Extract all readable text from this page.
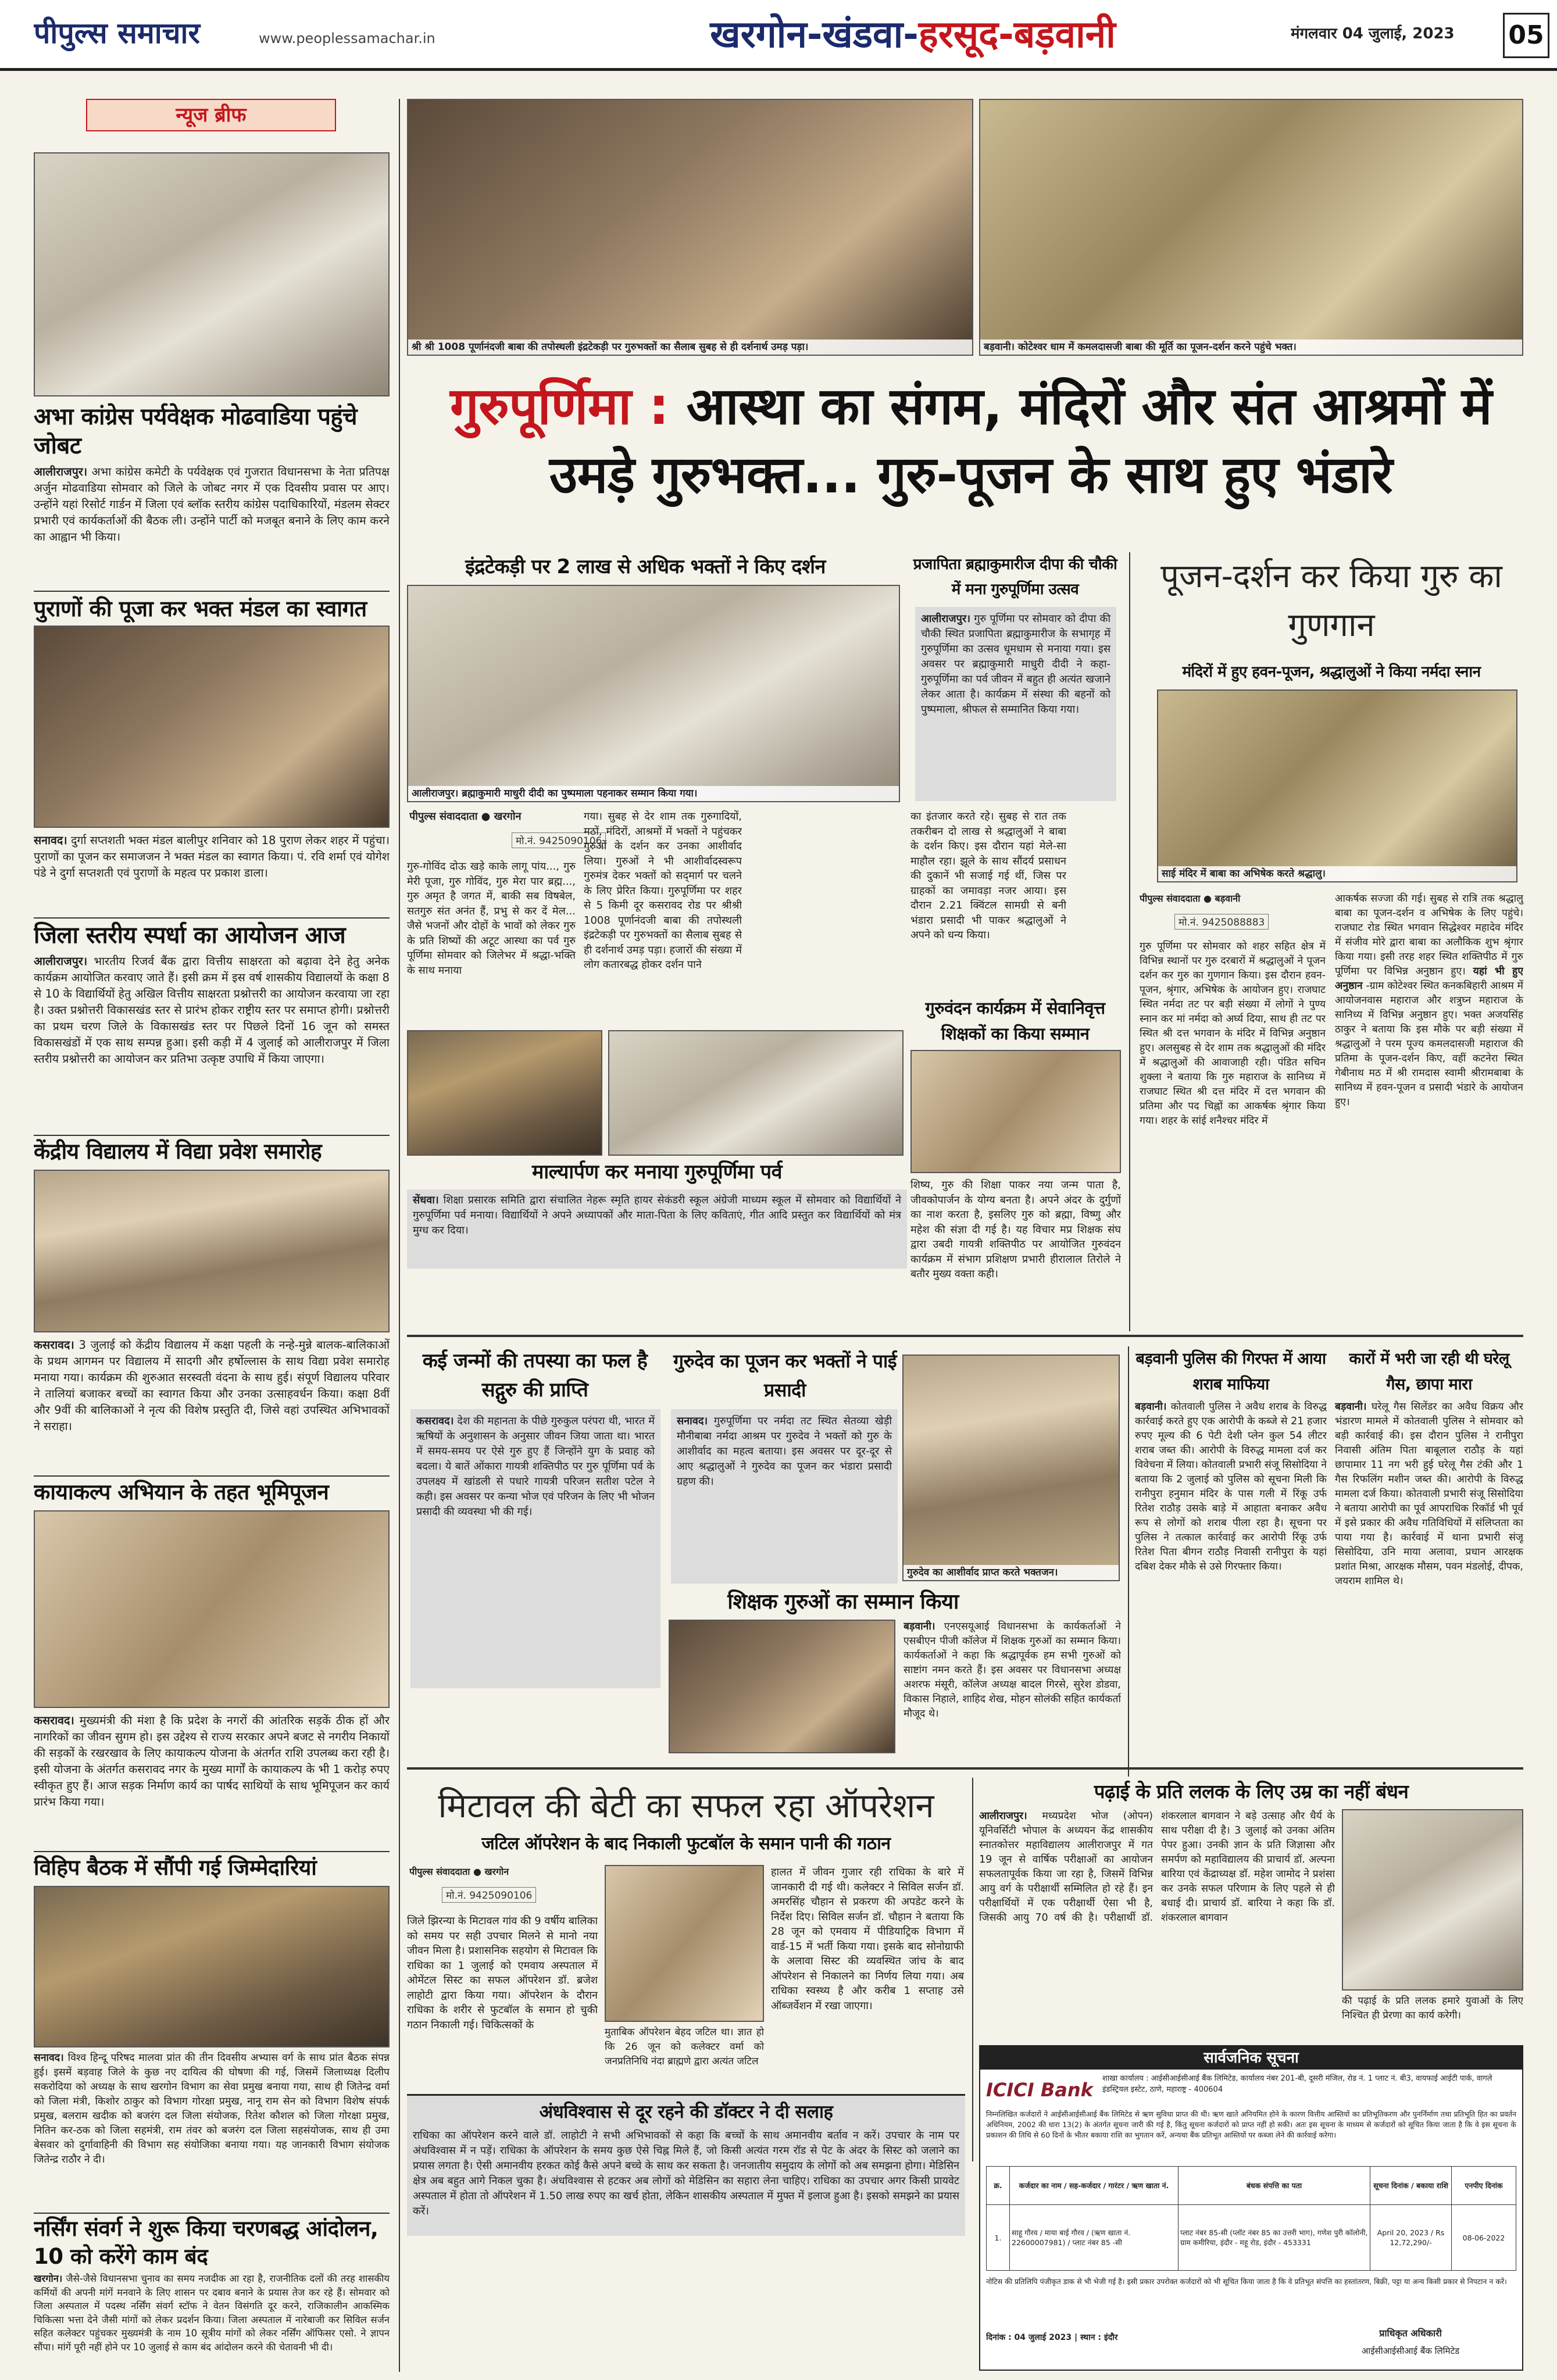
पीपुल्स समाचार	www.peoplessamachar.in	खरगोन-खंडवा-हरसूद-बड़वानी	मंगलवार 04 जुलाई, 2023	05
न्यूज ब्रीफ
अभा कांग्रेस पर्यवेक्षक मोढवाडिया पहुंचे जोबट
आलीराजपुर। अभा कांग्रेस कमेटी के पर्यवेक्षक एवं गुजरात विधानसभा के नेता प्रतिपक्ष अर्जुन मोढवाडिया सोमवार को जिले के जोबट नगर में एक दिवसीय प्रवास पर आए। उन्होंने यहां रिसोर्ट गार्डन में जिला एवं ब्लॉक स्तरीय कांग्रेस पदाधिकारियों, मंडलम सेक्टर प्रभारी एवं कार्यकर्ताओं की बैठक ली। उन्होंने पार्टी को मजबूत बनाने के लिए काम करने का आह्वान भी किया।
पुराणों की पूजा कर भक्त मंडल का स्वागत
सनावद। दुर्गा सप्तशती भक्त मंडल बालीपुर शनिवार को 18 पुराण लेकर शहर में पहुंचा। पुराणों का पूजन कर समाजजन ने भक्त मंडल का स्वागत किया। पं. रवि शर्मा एवं योगेश पंडे ने दुर्गा सप्तशती एवं पुराणों के महत्व पर प्रकाश डाला।
जिला स्तरीय स्पर्धा का आयोजन आज
आलीराजपुर। भारतीय रिजर्व बैंक द्वारा वित्तीय साक्षरता को बढ़ावा देने हेतु अनेक कार्यक्रम आयोजित करवाए जाते हैं। इसी क्रम में इस वर्ष शासकीय विद्यालयों के कक्षा 8 से 10 के विद्यार्थियों हेतु अखिल वित्तीय साक्षरता प्रश्नोत्तरी का आयोजन करवाया जा रहा है। उक्त प्रश्नोत्तरी विकासखंड स्तर से प्रारंभ होकर राष्ट्रीय स्तर पर समाप्त होगी। प्रश्नोत्तरी का प्रथम चरण जिले के विकासखंड स्तर पर पिछले दिनों 16 जून को समस्त विकासखंडों में एक साथ सम्पन्न हुआ। इसी कड़ी में 4 जुलाई को आलीराजपुर में जिला स्तरीय प्रश्नोत्तरी का आयोजन कर प्रतिभा उत्कृष्ट उपाधि में किया जाएगा।
केंद्रीय विद्यालय में विद्या प्रवेश समारोह
कसरावद। 3 जुलाई को केंद्रीय विद्यालय में कक्षा पहली के नन्हे-मुन्ने बालक-बालिकाओं के प्रथम आगमन पर विद्यालय में सादगी और हर्षोल्लास के साथ विद्या प्रवेश समारोह मनाया गया। कार्यक्रम की शुरुआत सरस्वती वंदना के साथ हुई। संपूर्ण विद्यालय परिवार ने तालियां बजाकर बच्चों का स्वागत किया और उनका उत्साहवर्धन किया। कक्षा 8वीं और 9वीं की बालिकाओं ने नृत्य की विशेष प्रस्तुति दी, जिसे वहां उपस्थित अभिभावकों ने सराहा।
कायाकल्प अभियान के तहत भूमिपूजन
कसरावद। मुख्यमंत्री की मंशा है कि प्रदेश के नगरों की आंतरिक सड़कें ठीक हों और नागरिकों का जीवन सुगम हो। इस उद्देश्य से राज्य सरकार अपने बजट से नगरीय निकायों की सड़कों के रखरखाव के लिए कायाकल्प योजना के अंतर्गत राशि उपलब्ध करा रही है। इसी योजना के अंतर्गत कसरावद नगर के मुख्य मार्गों के कायाकल्प के भी 1 करोड़ रुपए स्वीकृत हुए हैं। आज सड़क निर्माण कार्य का पार्षद साथियों के साथ भूमिपूजन कर कार्य प्रारंभ किया गया।
विहिप बैठक में सौंपी गई जिम्मेदारियां
सनावद। विश्व हिन्दू परिषद मालवा प्रांत की तीन दिवसीय अभ्यास वर्ग के साथ प्रांत बैठक संपन्न हुई। इसमें बड़वाह जिले के कुछ नए दायित्व की घोषणा की गई, जिसमें जिलाध्यक्ष दिलीप सकरोदिया को अध्यक्ष के साथ खरगोन विभाग का सेवा प्रमुख बनाया गया, साथ ही जितेन्द्र वर्मा को जिला मंत्री, किशोर ठाकुर को विभाग गोरक्षा प्रमुख, नानू राम सेन को विभाग विशेष संपर्क प्रमुख, बलराम खदीक को बजरंग दल जिला संयोजक, रितेश कौशल को जिला गोरक्षा प्रमुख, नितिन कर-ठक को जिला सहमंत्री, राम तंवर को बजरंग दल जिला सहसंयोजक, साथ ही उमा बेसवार को दुर्गावाहिनी की विभाग सह संयोजिका बनाया गया। यह जानकारी विभाग संयोजक जितेन्द्र राठौर ने दी।
नर्सिंग संवर्ग ने शुरू किया चरणबद्ध आंदोलन, 10 को करेंगे काम बंद
खरगोन। जैसे-जैसे विधानसभा चुनाव का समय नजदीक आ रहा है, राजनीतिक दलों की तरह शासकीय कर्मियों की अपनी मांगें मनवाने के लिए शासन पर दबाव बनाने के प्रयास तेज कर रहे हैं। सोमवार को जिला अस्पताल में पदस्थ नर्सिंग संवर्ग स्टॉफ ने वेतन विसंगति दूर करने, राजिकालीन आकस्मिक चिकित्सा भत्ता देने जैसी मांगों को लेकर प्रदर्शन किया। जिला अस्पताल में नारेबाजी कर सिविल सर्जन सहित कलेक्टर पहुंचकर मुख्यमंत्री के नाम 10 सूत्रीय मांगों को लेकर नर्सिंग ऑफिसर एसो. ने ज्ञापन सौंपा। मांगें पूरी नहीं होने पर 10 जुलाई से काम बंद आंदोलन करने की चेतावनी भी दी।
श्री श्री 1008 पूर्णानंदजी बाबा की तपोस्थली इंद्रटेकड़ी पर गुरुभक्तों का सैलाब सुबह से ही दर्शनार्थ उमड़ पड़ा।	बड़वानी। कोटेश्वर धाम में कमलदासजी बाबा की मूर्ति का पूजन-दर्शन करने पहुंचे भक्त।
गुरुपूर्णिमा : आस्था का संगम, मंदिरों और संत आश्रमों में उमड़े गुरुभक्त... गुरु-पूजन के साथ हुए भंडारे
इंद्रटेकड़ी पर 2 लाख से अधिक भक्तों ने किए दर्शन
आलीराजपुर। ब्रह्माकुमारी माधुरी दीदी का पुष्पमाला पहनाकर सम्मान किया गया।
पीपुल्स संवाददाता ● खरगोन
मो.नं. 9425090106
गुरु-गोविंद दोऊ खड़े काके लागू पांय..., गुरु मेरी पूजा, गुरु गोविंद, गुरु मेरा पार ब्रह्म..., गुरु अमृत है जगत में, बाकी सब विषबेल, सतगुरु संत अनंत हैं, प्रभु से कर दें मेल... जैसे भजनों और दोहों के भावों को लेकर गुरु के प्रति शिष्यों की अटूट आस्था का पर्व गुरु पूर्णिमा सोमवार को जिलेभर में श्रद्धा-भक्ति के साथ मनाया
गया। सुबह से देर शाम तक गुरुगादियों, मठों, मंदिरों, आश्रमों में भक्तों ने पहुंचकर गुरुओं के दर्शन कर उनका आशीर्वाद लिया। गुरुओं ने भी आशीर्वादस्वरूप गुरुमंत्र देकर भक्तों को सद्‌मार्ग पर चलने के लिए प्रेरित किया। गुरुपूर्णिमा पर शहर से 5 किमी दूर कसरावद रोड पर श्रीश्री 1008 पूर्णानंदजी बाबा की तपोस्थली इंद्रटेकड़ी पर गुरुभक्तों का सैलाब सुबह से ही दर्शनार्थ उमड़ पड़ा। हजारों की संख्या में लोग कतारबद्ध होकर दर्शन पाने
का इंतजार करते रहे। सुबह से रात तक तकरीबन दो लाख से श्रद्धालुओं ने बाबा के दर्शन किए। इस दौरान यहां मेले-सा माहौल रहा। झूले के साथ सौंदर्य प्रसाधन की दुकानें भी सजाई गई थीं, जिस पर ग्राहकों का जमावड़ा नजर आया। इस दौरान 2.21 क्विंटल सामग्री से बनी भंडारा प्रसादी भी पाकर श्रद्धालुओं ने अपने को धन्य किया।
प्रजापिता ब्रह्माकुमारीज दीपा की चौकी में मना गुरुपूर्णिमा उत्सव
आलीराजपुर। गुरु पूर्णिमा पर सोमवार को दीपा की चौकी स्थित प्रजापिता ब्रह्माकुमारीज के सभागृह में गुरुपूर्णिमा का उत्सव धूमधाम से मनाया गया। इस अवसर पर ब्रह्माकुमारी माधुरी दीदी ने कहा- गुरुपूर्णिमा का पर्व जीवन में बहुत ही अत्यंत खजाने लेकर आता है। कार्यक्रम में संस्था की बहनों को पुष्पमाला, श्रीफल से सम्मानित किया गया।
गुरुवंदन कार्यक्रम में सेवानिवृत्त शिक्षकों का किया सम्मान
शिष्य, गुरु की शिक्षा पाकर नया जन्म पाता है, जीवकोपार्जन के योग्य बनता है। अपने अंदर के दुर्गुणों का नाश करता है, इसलिए गुरु को ब्रह्मा, विष्णु और महेश की संज्ञा दी गई है। यह विचार मप्र शिक्षक संघ द्वारा उबदी गायत्री शक्तिपीठ पर आयोजित गुरुवंदन कार्यक्रम में संभाग प्रशिक्षण प्रभारी हीरालाल तिरोले ने बतौर मुख्य वक्ता कही।
पूजन-दर्शन कर किया गुरु का गुणगान
मंदिरों में हुए हवन-पूजन, श्रद्धालुओं ने किया नर्मदा स्नान
साई मंदिर में बाबा का अभिषेक करते श्रद्धालु।
पीपुल्स संवाददाता ● बड़वानी
मो.नं. 9425088883
गुरु पूर्णिमा पर सोमवार को शहर सहित क्षेत्र में विभिन्न स्थानों पर गुरु दरबारों में श्रद्धालुओं ने पूजन दर्शन कर गुरु का गुणगान किया। इस दौरान हवन-पूजन, श्रृंगार, अभिषेक के आयोजन हुए। राजघाट स्थित नर्मदा तट पर बड़ी संख्या में लोगों ने पुण्य स्नान कर मां नर्मदा को अर्घ्य दिया, साथ ही तट पर स्थित श्री दत्त भगवान के मंदिर में विभिन्न अनुष्ठान हुए। अलसुबह से देर शाम तक श्रद्धालुओं की मंदिर में श्रद्धालुओं की आवाजाही रही। पंडित सचिन शुक्ला ने बताया कि गुरु महाराज के सानिध्य में राजघाट स्थित श्री दत्त मंदिर में दत्त भगवान की प्रतिमा और पद चिह्नों का आकर्षक श्रृंगार किया गया। शहर के सांई शनैश्चर मंदिर में
आकर्षक सज्जा की गई। सुबह से रात्रि तक श्रद्धालु बाबा का पूजन-दर्शन व अभिषेक के लिए पहुंचे। राजघाट रोड स्थित भगवान सिद्धेश्वर महादेव मंदिर में संजीव मोरे द्वारा बाबा का अलौकिक शुभ श्रृंगार किया गया। इसी तरह शहर स्थित शक्तिपीठ में गुरु पूर्णिमा पर विभिन्न अनुष्ठान हुए। यहां भी हुए अनुष्ठान -ग्राम कोटेश्वर स्थित कनकबिहारी आश्रम में आयोजनवास महाराज और शत्रुघ्न महाराज के सानिध्य में विभिन्न अनुष्ठान हुए। भक्त अजयसिंह ठाकुर ने बताया कि इस मौके पर बड़ी संख्या में श्रद्धालुओं ने परम पूज्य कमलदासजी महाराज की प्रतिमा के पूजन-दर्शन किए, वहीं कटनेरा स्थित गेबीनाथ मठ में श्री रामदास स्वामी श्रीरामबाबा के सानिध्य में हवन-पूजन व प्रसादी भंडारे के आयोजन हुए।
माल्यार्पण कर मनाया गुरुपूर्णिमा पर्व
सेंधवा। शिक्षा प्रसारक समिति द्वारा संचालित नेहरू स्मृति हायर सेकंडरी स्कूल अंग्रेजी माध्यम स्कूल में सोमवार को विद्यार्थियों ने गुरुपूर्णिमा पर्व मनाया। विद्यार्थियों ने अपने अध्यापकों और माता-पिता के लिए कविताएं, गीत आदि प्रस्तुत कर विद्यार्थियों को मंत्र मुग्ध कर दिया।
कई जन्मों की तपस्या का फल है सद्गुरु की प्राप्ति
कसरावद। देश की महानता के पीछे गुरुकुल परंपरा थी, भारत में ऋषियों के अनुशासन के अनुसार जीवन जिया जाता था। भारत में समय-समय पर ऐसे गुरु हुए हैं जिन्होंने युग के प्रवाह को बदला। ये बातें ओंकारा गायत्री शक्तिपीठ पर गुरु पूर्णिमा पर्व के उपलक्ष्य में खांडली से पधारे गायत्री परिजन सतीश पटेल ने कही। इस अवसर पर कन्या भोज एवं परिजन के लिए भी भोजन प्रसादी की व्यवस्था भी की गई।
गुरुदेव का पूजन कर भक्तों ने पाई प्रसादी
सनावद। गुरुपूर्णिमा पर नर्मदा तट स्थित सेतव्या खेड़ी मौनीबाबा नर्मदा आश्रम पर गुरुदेव ने भक्तों को गुरु के आशीर्वाद का महत्व बताया। इस अवसर पर दूर-दूर से आए श्रद्धालुओं ने गुरुदेव का पूजन कर भंडारा प्रसादी ग्रहण की।
गुरुदेव का आशीर्वाद प्राप्त करते भक्तजन।
शिक्षक गुरुओं का सम्मान किया
बड़वानी। एनएसयूआई विधानसभा के कार्यकर्ताओं ने एसबीएन पीजी कॉलेज में शिक्षक गुरुओं का सम्मान किया। कार्यकर्ताओं ने कहा कि श्रद्धापूर्वक हम सभी गुरुओं को साष्टांग नमन करते हैं। इस अवसर पर विधानसभा अध्यक्ष अशरफ मंसूरी, कॉलेज अध्यक्ष बादल गिरसे, सुरेश डोडवा, विकास निहाले, शाहिद शेख, मोहन सोलंकी सहित कार्यकर्ता मौजूद थे।
बड़वानी पुलिस की गिरफ्त में आया शराब माफिया
बड़वानी। कोतवाली पुलिस ने अवैध शराब के विरुद्ध कार्रवाई करते हुए एक आरोपी के कब्जे से 21 हजार रुपए मूल्य की 6 पेटी देशी प्लेन कुल 54 लीटर शराब जब्त की। आरोपी के विरुद्ध मामला दर्ज कर विवेचना में लिया। कोतवाली प्रभारी संजू सिसोदिया ने बताया कि 2 जुलाई को पुलिस को सूचना मिली कि रानीपुरा हनुमान मंदिर के पास गली में रिंकू उर्फ रितेश राठौड़ उसके बाड़े में आहाता बनाकर अवैध रूप से लोगों को शराब पीला रहा है। सूचना पर पुलिस ने तत्काल कार्रवाई कर आरोपी रिंकू उर्फ रितेश पिता बीगन राठौड़ निवासी रानीपुरा के यहां दबिश देकर मौके से उसे गिरफ्तार किया।
कारों में भरी जा रही थी घरेलू गैस, छापा मारा
बड़वानी। घरेलू गैस सिलेंडर का अवैध विक्रय और भंडारण मामले में कोतवाली पुलिस ने सोमवार को बड़ी कार्रवाई की। इस दौरान पुलिस ने रानीपुरा निवासी अंतिम पिता बाबूलाल राठौड़ के यहां छापामार 11 नग भरी हुई घरेलू गैस टंकी और 1 गैस रिफलिंग मशीन जब्त की। आरोपी के विरुद्ध मामला दर्ज किया। कोतवाली प्रभारी संजू सिसोदिया ने बताया आरोपी का पूर्व आपराधिक रिकॉर्ड भी पूर्व में इसे प्रकार की अवैध गतिविधियों में संलिप्तता का पाया गया है। कार्रवाई में थाना प्रभारी संजू सिसोदिया, उनि माया अलावा, प्रधान आरक्षक प्रशांत मिश्रा, आरक्षक मौसम, पवन मंडलोई, दीपक, जयराम शामिल थे।
मिटावल की बेटी का सफल रहा ऑपरेशन
जटिल ऑपरेशन के बाद निकाली फुटबॉल के समान पानी की गठान
पीपुल्स संवाददाता ● खरगोन
मो.नं. 9425090106
जिले झिरन्या के मिटावल गांव की 9 वर्षीय बालिका को समय पर सही उपचार मिलने से मानो नया जीवन मिला है। प्रशासनिक सहयोग से मिटावल कि राधिका का 1 जुलाई को एमवाय अस्पताल में ओमेंटल सिस्ट का सफल ऑपरेशन डॉ. ब्रजेश लाहोटी द्वारा किया गया। ऑपरेशन के दौरान राधिका के शरीर से फुटबॉल के समान हो चुकी गठान निकाली गई। चिकित्सकों के
मुताबिक ऑपरेशन बेहद जटिल था। ज्ञात हो कि 26 जून को कलेक्टर वर्मा को जनप्रतिनिधि नंदा ब्राह्मणे द्वारा अत्यंत जटिल
हालत में जीवन गुजार रही राधिका के बारे में जानकारी दी गई थी। कलेक्टर ने सिविल सर्जन डॉ. अमरसिंह चौहान से प्रकरण की अपडेट करने के निर्देश दिए। सिविल सर्जन डॉ. चौहान ने बताया कि 28 जून को एमवाय में पीडियाट्रिक विभाग में वार्ड-15 में भर्ती किया गया। इसके बाद सोनोग्राफी के अलावा सिस्ट की व्यवस्थित जांच के बाद ऑपरेशन से निकालने का निर्णय लिया गया। अब राधिका स्वस्थ्य है और करीब 1 सप्ताह उसे ऑब्जर्वेशन में रखा जाएगा।
अंधविश्वास से दूर रहने की डॉक्टर ने दी सलाह
राधिका का ऑपरेशन करने वाले डॉ. लाहोटी ने सभी अभिभावकों से कहा कि बच्चों के साथ अमानवीय बर्ताव न करें। उपचार के नाम पर अंधविश्वास में न पड़ें। राधिका के ऑपरेशन के समय कुछ ऐसे चिह्न मिले हैं, जो किसी अत्यंत गरम रॉड से पेट के अंदर के सिस्ट को जलाने का प्रयास लगता है। ऐसी अमानवीय हरकत कोई कैसे अपने बच्चे के साथ कर सकता है। जनजातीय समुदाय के लोगों को अब समझना होगा। मेडिसिन क्षेत्र अब बहुत आगे निकल चुका है। अंधविश्वास से हटकर अब लोगों को मेडिसिन का सहारा लेना चाहिए। राधिका का उपचार अगर किसी प्रायवेट अस्पताल में होता तो ऑपरेशन में 1.50 लाख रुपए का खर्च होता, लेकिन शासकीय अस्पताल में मुफ्त में इलाज हुआ है। इसको समझने का प्रयास करें।
पढ़ाई के प्रति ललक के लिए उम्र का नहीं बंधन
आलीराजपुर। मध्यप्रदेश भोज (ओपन) यूनिवर्सिटी भोपाल के अध्ययन केंद्र शासकीय स्नातकोत्तर महाविद्यालय आलीराजपुर में गत 19 जून से वार्षिक परीक्षाओं का आयोजन सफलतापूर्वक किया जा रहा है, जिसमें विभिन्न आयु वर्ग के परीक्षार्थी सम्मिलित हो रहे हैं। इन परीक्षार्थियों में एक परीक्षार्थी ऐसा भी है, जिसकी आयु 70 वर्ष की है। परीक्षार्थी डॉ. शंकरलाल बागवान ने बड़े उत्साह और धैर्य के साथ परीक्षा दी है। 3 जुलाई को उनका अंतिम पेपर हुआ। उनकी ज्ञान के प्रति जिज्ञासा और समर्पण को महाविद्यालय की प्राचार्य डॉ. अल्पना बारिया एवं केंद्राध्यक्ष डॉ. महेश जामोद ने प्रशंसा कर उनके सफल परिणाम के लिए पहले से ही बधाई दी। प्राचार्य डॉ. बारिया ने कहा कि डॉ. शंकरलाल बागवान
की पढ़ाई के प्रति ललक हमारे युवाओं के लिए निश्चित ही प्रेरणा का कार्य करेगी।
सार्वजनिक सूचना
ICICI Bank
शाखा कार्यालय : आईसीआईसीआई बैंक लिमिटेड, कार्यालय नंबर 201-बी, दूसरी मंजिल, रोड नं. 1 प्लाट नं. बी3, वायफाई आईटी पार्क, वागले इंडस्ट्रियल इस्टेट, ठाणे, महाराष्ट्र - 400604
निम्नलिखित कर्जदारों ने आईसीआईसीआई बैंक लिमिटेड से ऋण सुविधा प्राप्त की थी। ऋण खाते अनियमित होने के कारण वित्तीय आस्तियों का प्रतिभूतिकरण और पुनर्निर्माण तथा प्रतिभूति हित का प्रवर्तन अधिनियम, 2002 की धारा 13(2) के अंतर्गत सूचना जारी की गई है, किंतु सूचना कर्जदारों को प्राप्त नहीं हो सकी। अतः इस सूचना के माध्यम से कर्जदारों को सूचित किया जाता है कि वे इस सूचना के प्रकाशन की तिथि से 60 दिनों के भीतर बकाया राशि का भुगतान करें, अन्यथा बैंक प्रतिभूत आस्तियों पर कब्जा लेने की कार्रवाई करेगा।
क्र.	कर्जदार का नाम / सह-कर्जदार / गारंटर / ऋण खाता नं.	बंधक संपत्ति का पता	सूचना दिनांक / बकाया राशि	एनपीए दिनांक
1.	साहू गौरव / माया बाई गौरव / (ऋण खाता नं. 22600007981) / प्लाट नंबर 85 -सी	प्लाट नंबर 85-सी (प्लॉट नंबर 85 का उत्तरी भाग), गणेश पुरी कॉलोनी, ग्राम कमीरिया, इंदौर - महू रोड, इंदौर - 453331	April 20, 2023 / Rs 12,72,290/-	08-06-2022
नोटिस की प्रतिलिपि पंजीकृत डाक से भी भेजी गई है। इसी प्रकार उपरोक्त कर्जदारों को भी सूचित किया जाता है कि वे प्रतिभूत संपत्ति का हस्तांतरण, बिक्री, पट्टा या अन्य किसी प्रकार से निपटान न करें।
दिनांक : 04 जुलाई 2023 | स्थान : इंदौर	प्राधिकृत अधिकारी
आईसीआईसीआई बैंक लिमिटेड
